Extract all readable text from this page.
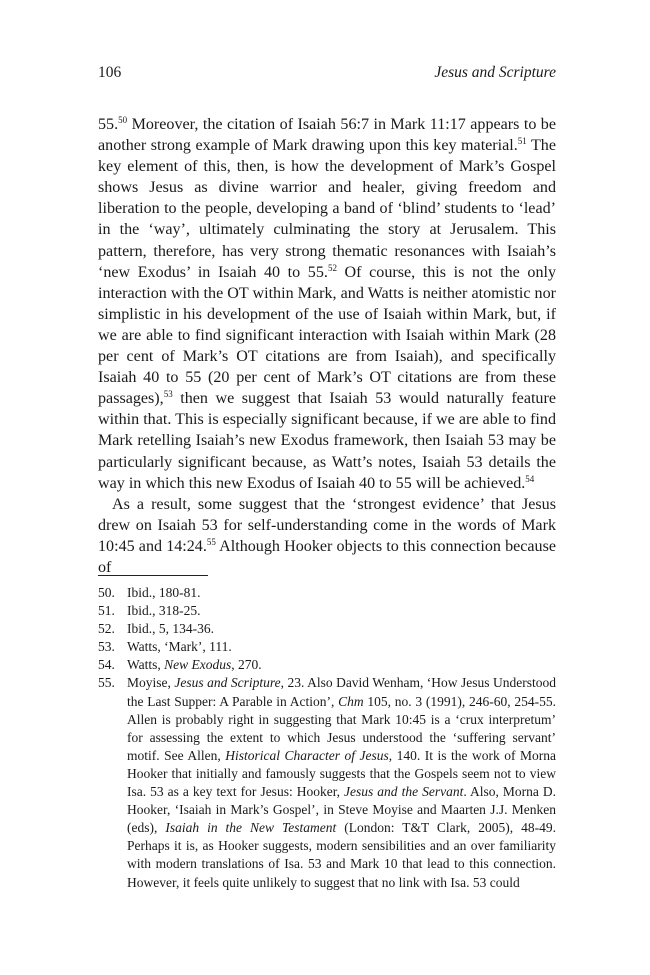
106	Jesus and Scripture

55.50 Moreover, the citation of Isaiah 56:7 in Mark 11:17 appears to be another strong example of Mark drawing upon this key material.$^{51}$ The key element of this, then, is how the development of Mark’s Gospel shows Jesus as divine warrior and healer, giving freedom and liberation to the people, developing a band of ‘blind’ students to ‘lead’ in the ‘way’, ultimately culminating the story at Jerusalem. This pattern, therefore, has very strong thematic resonances with Isaiah’s ‘new Exodus’ in Isaiah 40 to 55.52 Of course, this is not the only interaction with the OT within Mark, and Watts is neither atomistic nor simplistic in his development of the use of Isaiah within Mark, but, if we are able to find significant interaction with Isaiah within Mark (28 per cent of Mark’s OT citations are from Isaiah), and specifically Isaiah 40 to 55 (20 per cent of Mark’s OT citations are from these passages),$^{53}$ then we suggest that Isaiah 53 would naturally feature within that. This is especially significant because, if we are able to find Mark retelling Isaiah’s new Exodus framework, then Isaiah 53 may be particularly significant because, as Watt’s notes, Isaiah 53 details the way in which this new Exodus of Isaiah 40 to 55 will be achieved.$^{54}$

As a result, some suggest that the ‘strongest evidence’ that Jesus drew on Isaiah 53 for self-understanding come in the words of Mark 10:45 and 14:24.55 Although Hooker objects to this connection because of

50. Ibid., 180-81.
51. Ibid., 318-25.
52. Ibid., 5, 134-36.
53. Watts, ‘Mark’, 111.
54. Watts, New Exodus, 270.
55. Moyise, Jesus and Scripture, 23. Also David Wenham, ‘How Jesus Understood the Last Supper: A Parable in Action’, Chm 105, no. 3 (1991), 246-60, 254-55. Allen is probably right in suggesting that Mark 10:45 is a ‘crux interpretum’ for assessing the extent to which Jesus understood the ‘suffering servant’ motif. See Allen, Historical Character of Jesus, 140. It is the work of Morna Hooker that initially and famously suggests that the Gospels seem not to view Isa. 53 as a key text for Jesus: Hooker, Jesus and the Servant. Also, Morna D. Hooker, ‘Isaiah in Mark’s Gospel’, in Steve Moyise and Maarten J.J. Menken (eds), Isaiah in the New Testament (London: T&T Clark, 2005), 48-49. Perhaps it is, as Hooker suggests, modern sensibilities and an over familiarity with modern translations of Isa. 53 and Mark 10 that lead to this connection. However, it feels quite unlikely to suggest that no link with Isa. 53 could
